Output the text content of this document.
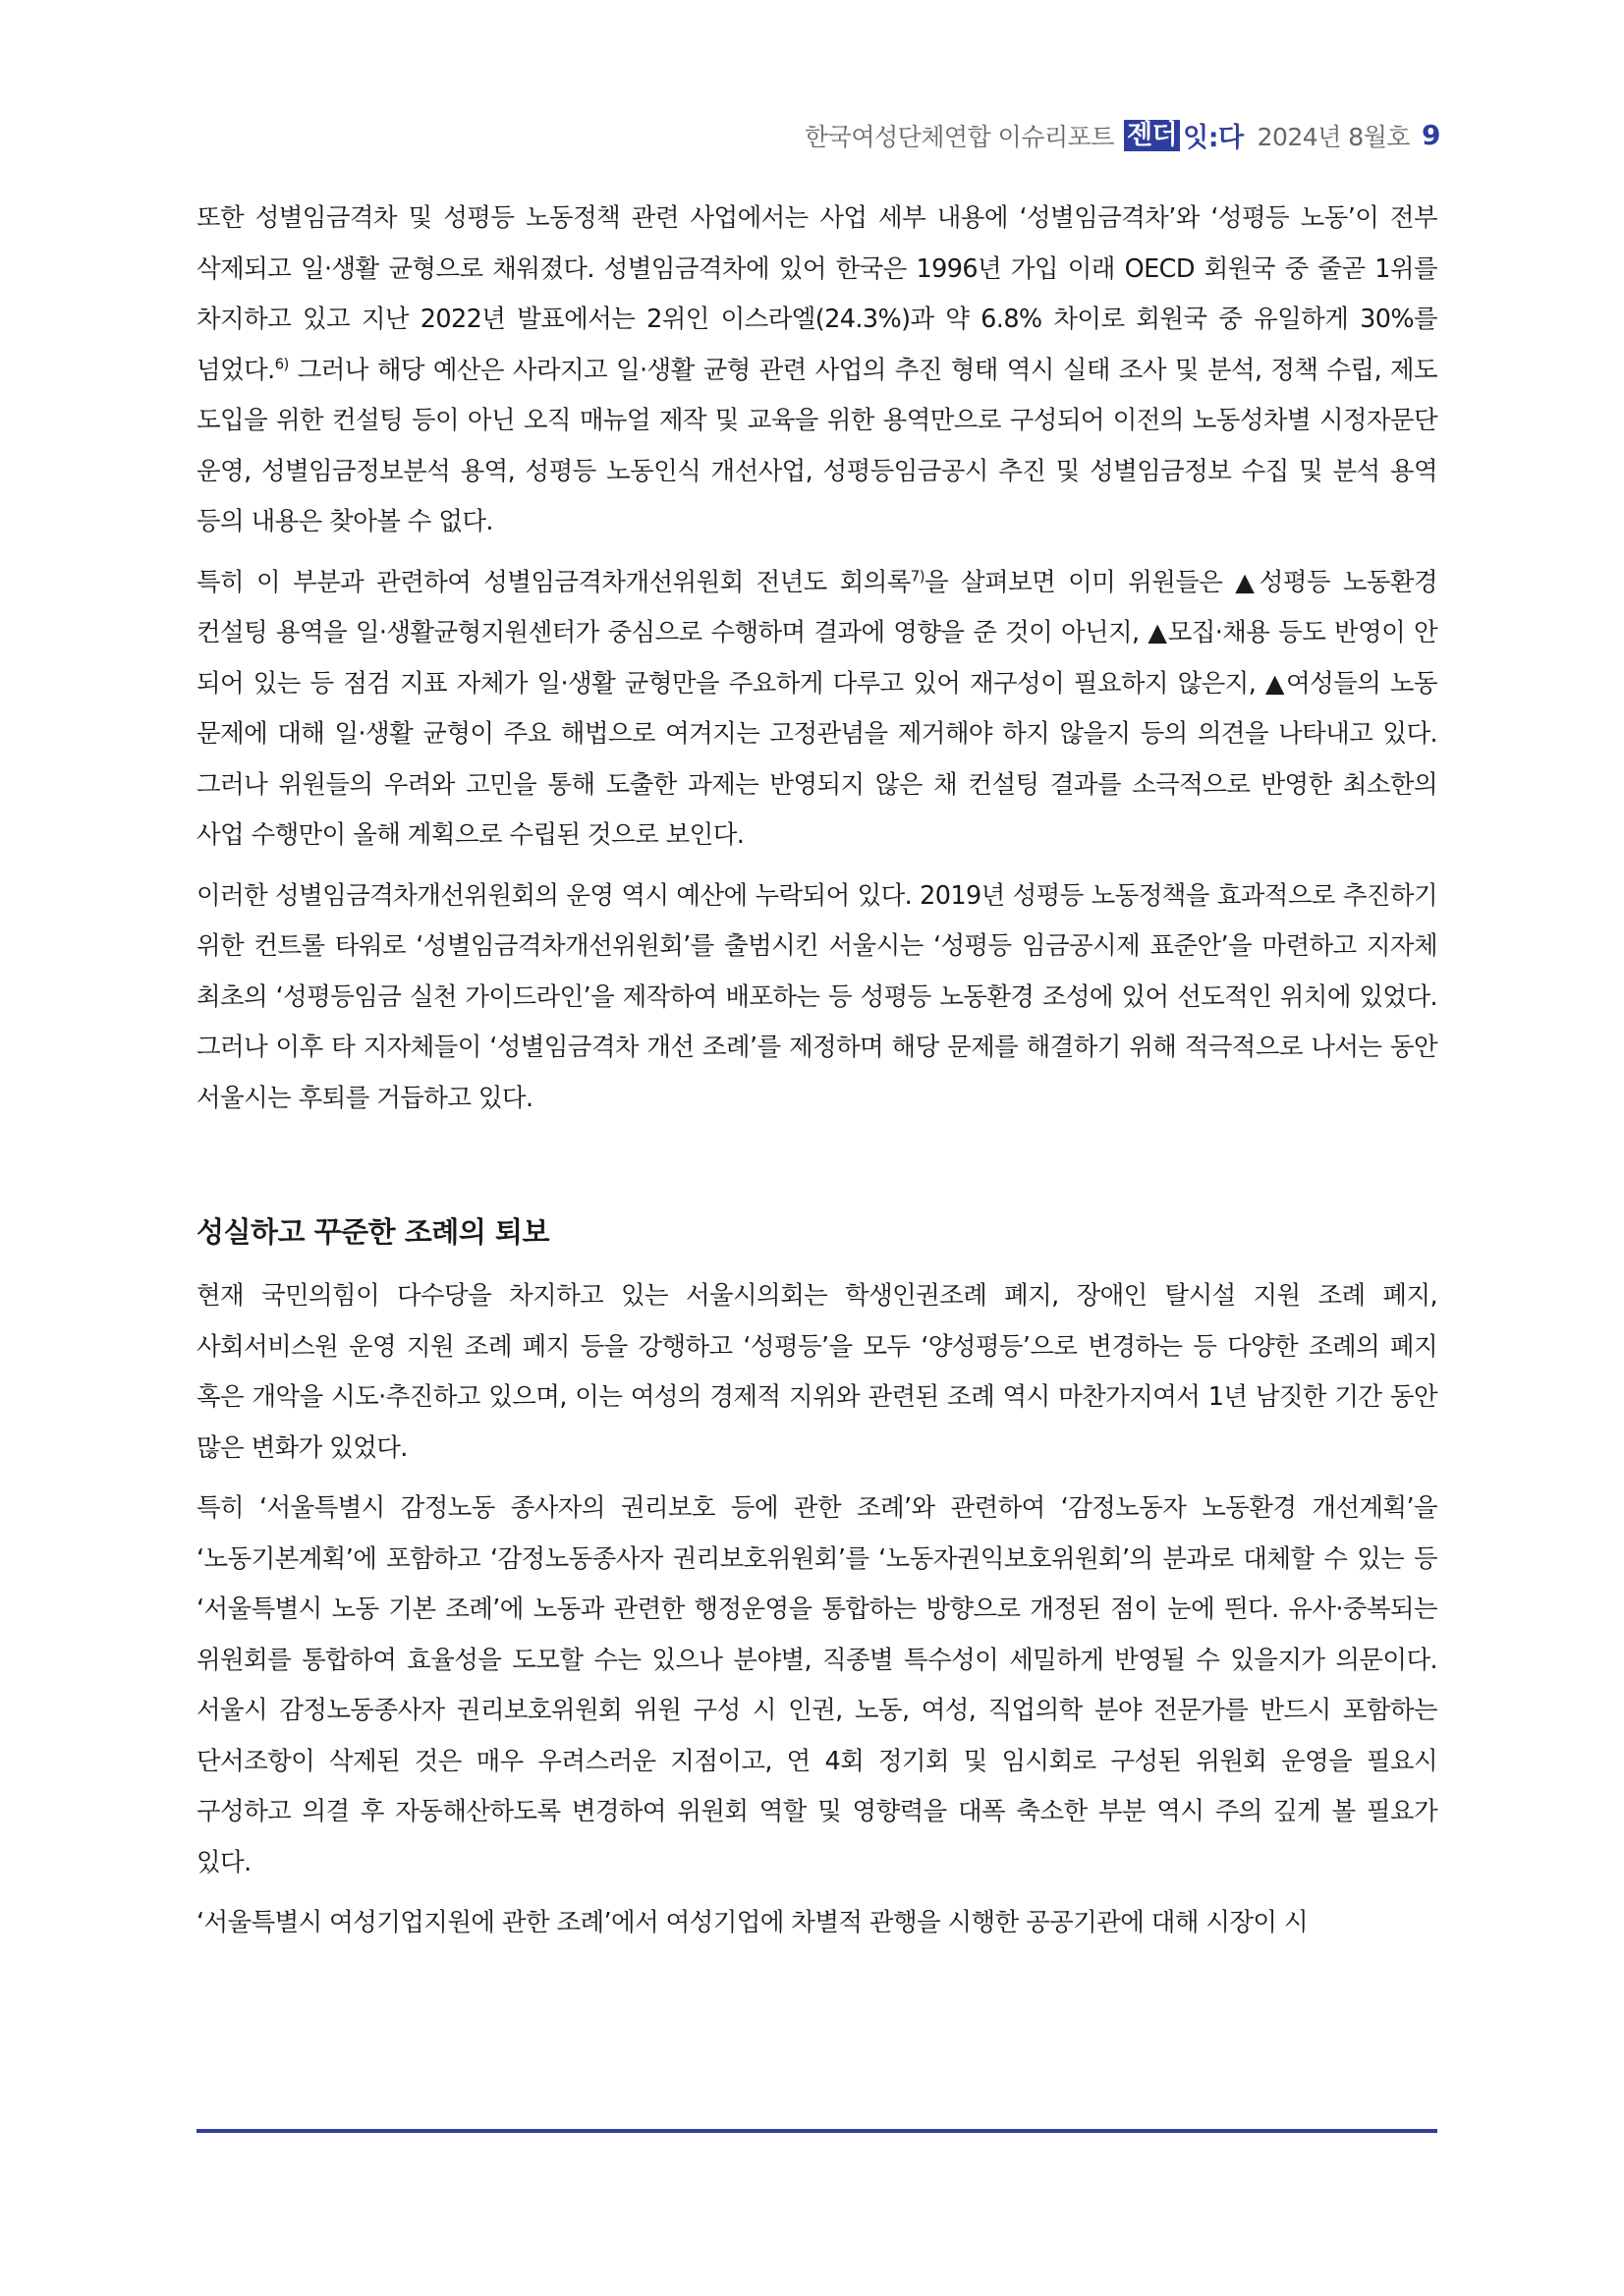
한국여성단체연합 이슈리포트 젠더 잇:다 2024년 8월호 9

또한 성별임금격차 및 성평등 노동정책 관련 사업에서는 사업 세부 내용에 ‘성별임금격차’와 ‘성평등 노동’이 전부 삭제되고 일·생활 균형으로 채워졌다. 성별임금격차에 있어 한국은 1996년 가입 이래 OECD 회원국 중 줄곧 1위를 차지하고 있고 지난 2022년 발표에서는 2위인 이스라엘(24.3%)과 약 6.8% 차이로 회원국 중 유일하게 30%를 넘었다.$^{6)}$ 그러나 해당 예산은 사라지고 일·생활 균형 관련 사업의 추진 형태 역시 실태 조사 및 분석, 정책 수립, 제도 도입을 위한 컨설팅 등이 아닌 오직 매뉴얼 제작 및 교육을 위한 용역만으로 구성되어 이전의 노동성차별 시정자문단 운영, 성별임금정보분석 용역, 성평등 노동인식 개선사업, 성평등임금공시 추진 및 성별임금정보 수집 및 분석 용역 등의 내용은 찾아볼 수 없다.

특히 이 부분과 관련하여 성별임금격차개선위원회 전년도 회의록$^{7)}$을 살펴보면 이미 위원들은 ▲성평등 노동환경 컨설팅 용역을 일·생활균형지원센터가 중심으로 수행하며 결과에 영향을 준 것이 아닌지, ▲모집·채용 등도 반영이 안 되어 있는 등 점검 지표 자체가 일·생활 균형만을 주요하게 다루고 있어 재구성이 필요하지 않은지, ▲여성들의 노동 문제에 대해 일·생활 균형이 주요 해법으로 여겨지는 고정관념을 제거해야 하지 않을지 등의 의견을 나타내고 있다. 그러나 위원들의 우려와 고민을 통해 도출한 과제는 반영되지 않은 채 컨설팅 결과를 소극적으로 반영한 최소한의 사업 수행만이 올해 계획으로 수립된 것으로 보인다.

이러한 성별임금격차개선위원회의 운영 역시 예산에 누락되어 있다. 2019년 성평등 노동정책을 효과적으로 추진하기 위한 컨트롤 타워로 ‘성별임금격차개선위원회’를 출범시킨 서울시는 ‘성평등 임금공시제 표준안’을 마련하고 지자체 최초의 ‘성평등임금 실천 가이드라인’을 제작하여 배포하는 등 성평등 노동환경 조성에 있어 선도적인 위치에 있었다. 그러나 이후 타 지자체들이 ‘성별임금격차 개선 조례’를 제정하며 해당 문제를 해결하기 위해 적극적으로 나서는 동안 서울시는 후퇴를 거듭하고 있다.

성실하고 꾸준한 조례의 퇴보

현재 국민의힘이 다수당을 차지하고 있는 서울시의회는 학생인권조례 폐지, 장애인 탈시설 지원 조례 폐지, 사회서비스원 운영 지원 조례 폐지 등을 강행하고 ‘성평등’을 모두 ‘양성평등’으로 변경하는 등 다양한 조례의 폐지 혹은 개악을 시도·추진하고 있으며, 이는 여성의 경제적 지위와 관련된 조례 역시 마찬가지여서 1년 남짓한 기간 동안 많은 변화가 있었다.

특히 ‘서울특별시 감정노동 종사자의 권리보호 등에 관한 조례’와 관련하여 ‘감정노동자 노동환경 개선계획’을 ‘노동기본계획’에 포함하고 ‘감정노동종사자 권리보호위원회’를 ‘노동자권익보호위원회’의 분과로 대체할 수 있는 등 ‘서울특별시 노동 기본 조례’에 노동과 관련한 행정운영을 통합하는 방향으로 개정된 점이 눈에 띈다. 유사·중복되는 위원회를 통합하여 효율성을 도모할 수는 있으나 분야별, 직종별 특수성이 세밀하게 반영될 수 있을지가 의문이다. 서울시 감정노동종사자 권리보호위원회 위원 구성 시 인권, 노동, 여성, 직업의학 분야 전문가를 반드시 포함하는 단서조항이 삭제된 것은 매우 우려스러운 지점이고, 연 4회 정기회 및 임시회로 구성된 위원회 운영을 필요시 구성하고 의결 후 자동해산하도록 변경하여 위원회 역할 및 영향력을 대폭 축소한 부분 역시 주의 깊게 볼 필요가 있다.

‘서울특별시 여성기업지원에 관한 조례’에서 여성기업에 차별적 관행을 시행한 공공기관에 대해 시장이 시
